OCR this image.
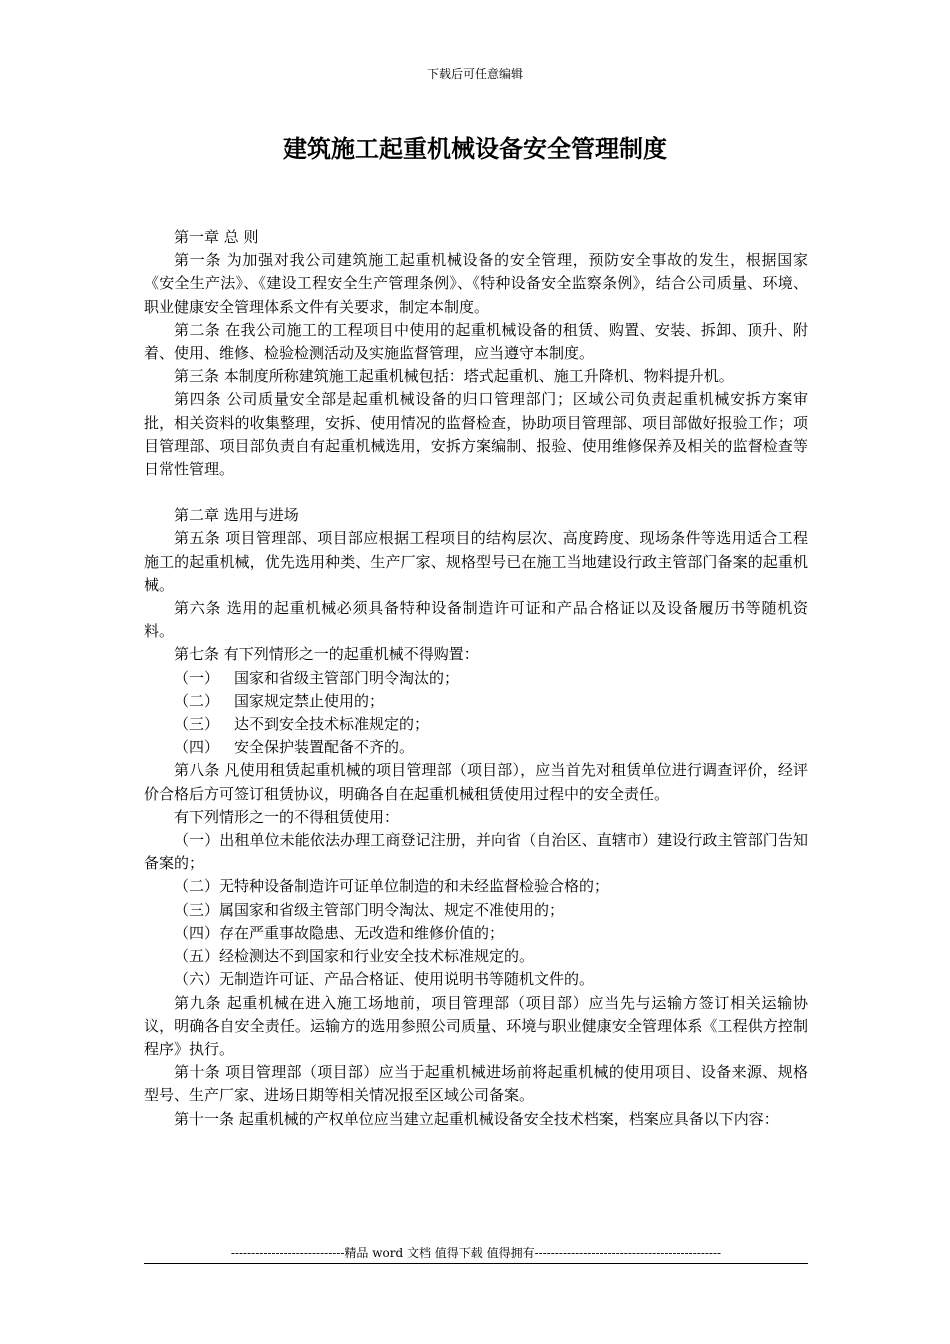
下载后可任意编辑
建筑施工起重机械设备安全管理制度

第一章 总 则

第一条 为加强对我公司建筑施工起重机械设备的安全管理，预防安全事故的发生，根据国家《安全生产法》、《建设工程安全生产管理条例》、《特种设备安全监察条例》，结合公司质量、环境、职业健康安全管理体系文件有关要求，制定本制度。

第二条 在我公司施工的工程项目中使用的起重机械设备的租赁、购置、安装、拆卸、顶升、附着、使用、维修、检验检测活动及实施监督管理，应当遵守本制度。

第三条 本制度所称建筑施工起重机械包括：塔式起重机、施工升降机、物料提升机。

第四条 公司质量安全部是起重机械设备的归口管理部门；区域公司负责起重机械安拆方案审批，相关资料的收集整理，安拆、使用情况的监督检查，协助项目管理部、项目部做好报验工作；项目管理部、项目部负责自有起重机械选用，安拆方案编制、报验、使用维修保养及相关的监督检查等日常性管理。

第二章 选用与进场

第五条 项目管理部、项目部应根据工程项目的结构层次、高度跨度、现场条件等选用适合工程施工的起重机械，优先选用种类、生产厂家、规格型号已在施工当地建设行政主管部门备案的起重机械。

第六条 选用的起重机械必须具备特种设备制造许可证和产品合格证以及设备履历书等随机资料。

第七条 有下列情形之一的起重机械不得购置：

（一） 国家和省级主管部门明令淘汰的；

（二） 国家规定禁止使用的；

（三） 达不到安全技术标准规定的；

（四） 安全保护装置配备不齐的。

第八条 凡使用租赁起重机械的项目管理部（项目部），应当首先对租赁单位进行调查评价，经评价合格后方可签订租赁协议，明确各自在起重机械租赁使用过程中的安全责任。

有下列情形之一的不得租赁使用：

（一）出租单位未能依法办理工商登记注册，并向省（自治区、直辖市）建设行政主管部门告知备案的；

（二）无特种设备制造许可证单位制造的和未经监督检验合格的；

（三）属国家和省级主管部门明令淘汰、规定不准使用的；

（四）存在严重事故隐患、无改造和维修价值的；

（五）经检测达不到国家和行业安全技术标准规定的。

（六）无制造许可证、产品合格证、使用说明书等随机文件的。

第九条 起重机械在进入施工场地前，项目管理部（项目部）应当先与运输方签订相关运输协议，明确各自安全责任。运输方的选用参照公司质量、环境与职业健康安全管理体系《工程供方控制程序》执行。

第十条 项目管理部（项目部）应当于起重机械进场前将起重机械的使用项目、设备来源、规格型号、生产厂家、进场日期等相关情况报至区域公司备案。

第十一条 起重机械的产权单位应当建立起重机械设备安全技术档案，档案应具备以下内容：

----------------------------精品 word 文档 值得下载 值得拥有----------------------------------------------
